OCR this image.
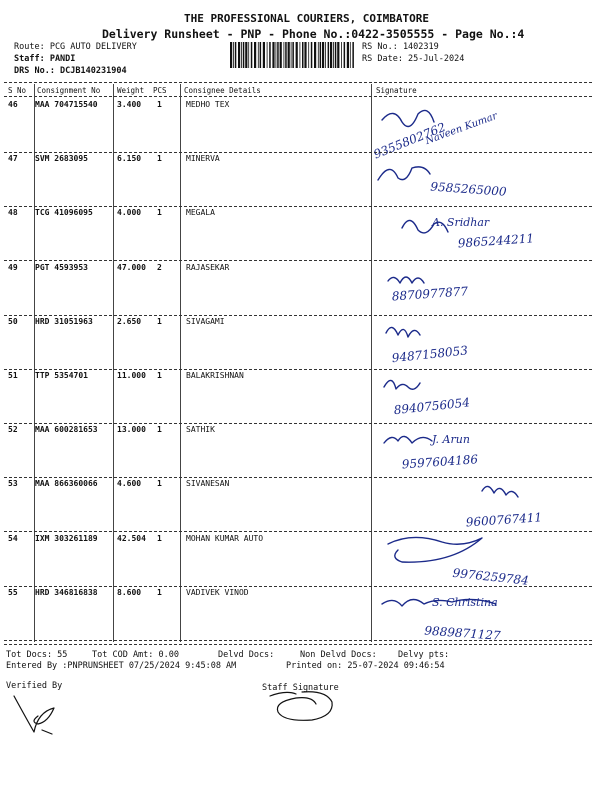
THE PROFESSIONAL COURIERS, COIMBATORE
Delivery Runsheet - PNP - Phone No.:0422-3505555 - Page No.:4
Route: PCG AUTO DELIVERY
Staff: PANDI
DRS No.: DCJB140231904
RS No.: 1402319
RS Date: 25-Jul-2024
S No Consignment No Weight PCS Consignee Details	Signature
46 MAA 704715540 3.400 1	MEDHO TEX
Naveen Kumar
9355802762
47 SVM 2683095	6.150 1	MINERVA
9585265000
48 TCG 41096095	4.000 1	MEGALA
A. Sridhar
9865244211
49 PGT 4593953	47.000 2	RAJASEKAR
8870977877
50 HRD 31051963	2.650 1	SIVAGAMI
9487158053
51 TTP 5354701	11.000 1	BALAKRISHNAN
8940756054
52 MAA 600281653 13.000 1	SATHIK
J. Arun
9597604186
53 MAA 866360066 4.600 1	SIVANESAN
9600767411
54 IXM 303261189 42.504 1	MOHAN KUMAR AUTO
9976259784
55 HRD 346816838 8.600 1	VADIVEK VINOD
S. Christina
9889871127
Tot Docs: 55	Tot COD Amt: 0.00	Delvd Docs:	Non Delvd Docs: Delvy pts:
Entered By :PNPRUNSHEET 07/25/2024 9:45:08 AM	Printed on: 25-07-2024 09:46:54
Verified By	Staff Signature
